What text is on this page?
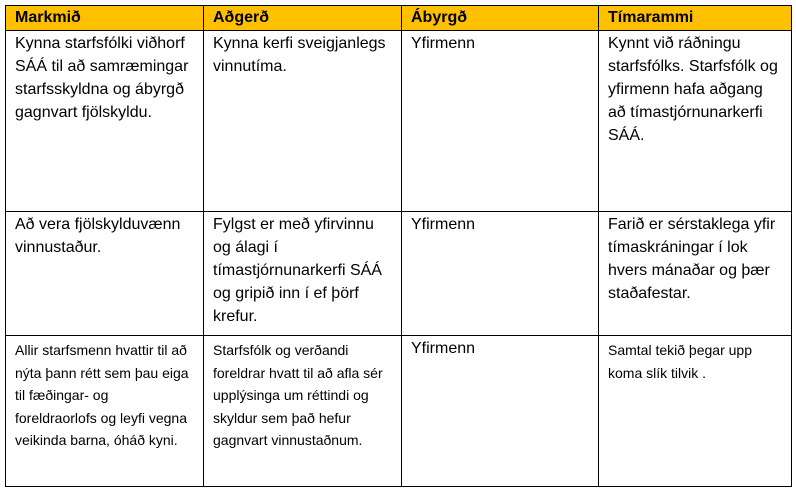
Markmið	Aðgerð	Ábyrgð	Tímarammi
Kynna starfsfólki viðhorf SÁÁ til að samræmingar starfsskyldna og ábyrgð gagnvart fjölskyldu.	Kynna kerfi sveigjanlegs vinnutíma.	Yfirmenn	Kynnt við ráðningu starfsfólks. Starfsfólk og yfirmenn hafa aðgang að tímastjórnunarkerfi SÁÁ.
Að vera fjölskylduvænn vinnustaður.	Fylgst er með yfirvinnu og álagi í tímastjórnunarkerfi SÁÁ og gripið inn í ef þörf krefur.	Yfirmenn	Farið er sérstaklega yfir tímaskráningar í lok hvers mánaðar og þær staðafestar.
Allir starfsmenn hvattir til að nýta þann rétt sem þau eiga til fæðingar- og foreldraorlofs og leyfi vegna veikinda barna, óháð kyni.	Starfsfólk og verðandi foreldrar hvatt til að afla sér upplýsinga um réttindi og skyldur sem það hefur gagnvart vinnustaðnum.	Yfirmenn	Samtal tekið þegar upp koma slík tilvik .
